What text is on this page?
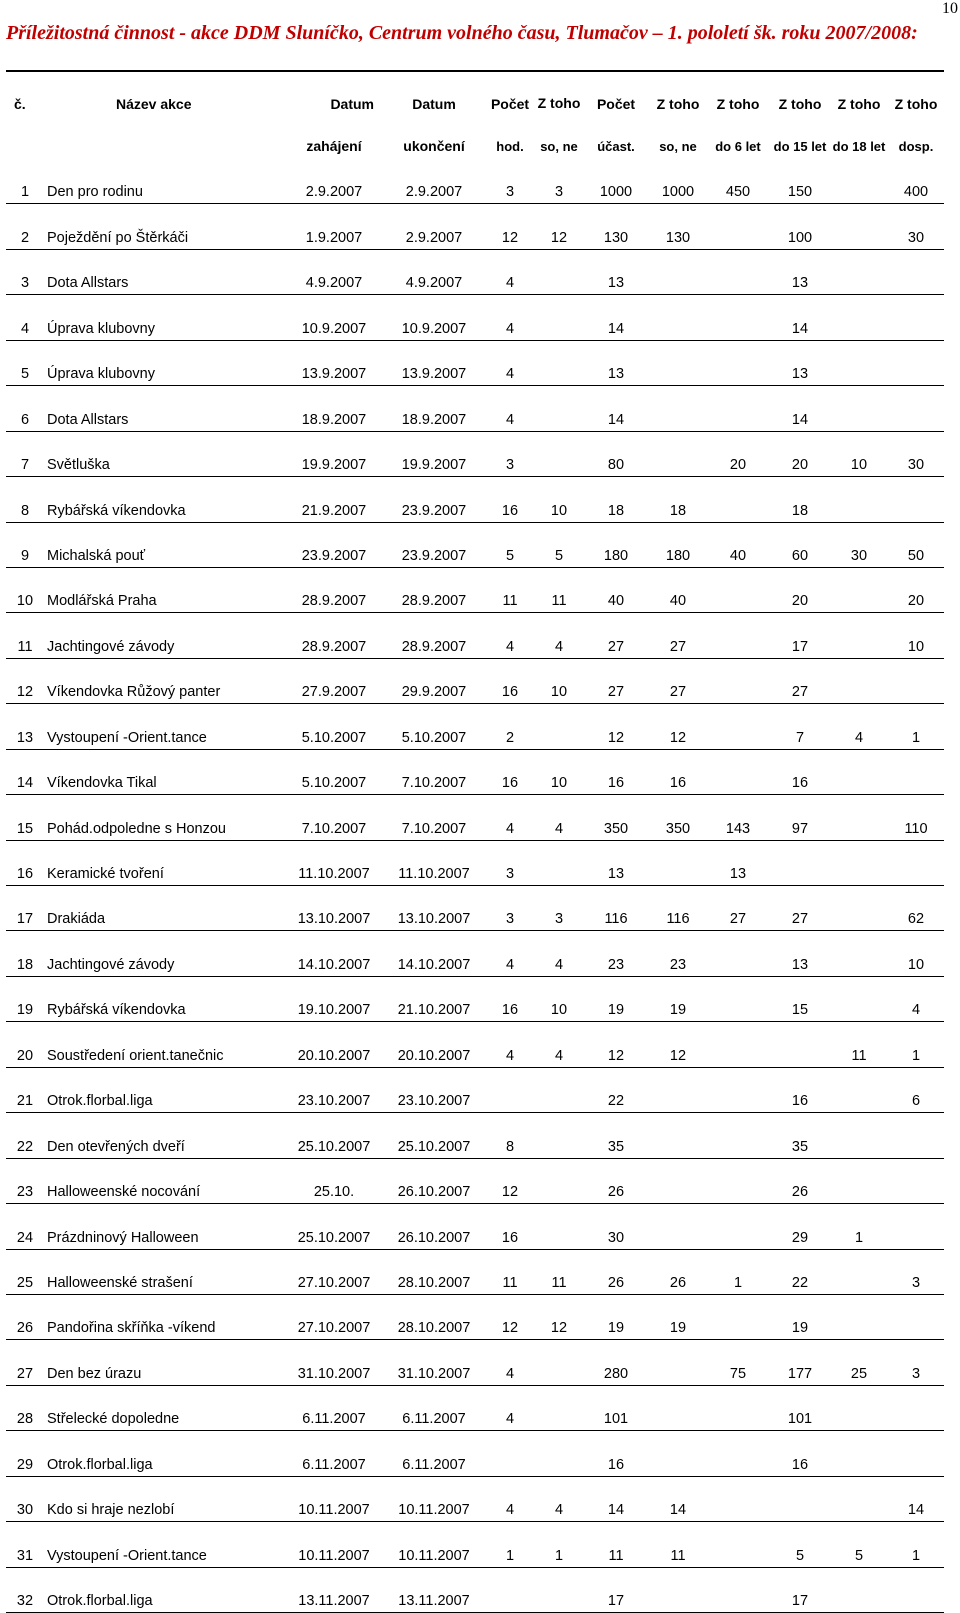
10
Příležitostná činnost - akce DDM Sluníčko, Centrum volného času, Tlumačov – 1. pololetí šk. roku 2007/2008:
č.	Název akce	Datum	Datum	Počet	Z toho	Počet	Z toho	Z toho	Z toho	Z toho	Z toho
		zahájení	ukončení	hod.	so, ne	účast.	so, ne	do 6 let	do 15 let	do 18 let	dosp.
1	Den pro rodinu	2.9.2007	2.9.2007	3	3	1000	1000	450	150		400
2	Poježdění po Štěrkáči	1.9.2007	2.9.2007	12	12	130	130		100		30
3	Dota Allstars	4.9.2007	4.9.2007	4		13			13		
4	Úprava klubovny	10.9.2007	10.9.2007	4		14			14		
5	Úprava klubovny	13.9.2007	13.9.2007	4		13			13		
6	Dota Allstars	18.9.2007	18.9.2007	4		14			14		
7	Světluška	19.9.2007	19.9.2007	3		80		20	20	10	30
8	Rybářská víkendovka	21.9.2007	23.9.2007	16	10	18	18		18		
9	Michalská pouť	23.9.2007	23.9.2007	5	5	180	180	40	60	30	50
10	Modlářská Praha	28.9.2007	28.9.2007	11	11	40	40		20		20
11	Jachtingové závody	28.9.2007	28.9.2007	4	4	27	27		17		10
12	Víkendovka Růžový panter	27.9.2007	29.9.2007	16	10	27	27		27		
13	Vystoupení -Orient.tance	5.10.2007	5.10.2007	2		12	12		7	4	1
14	Víkendovka Tikal	5.10.2007	7.10.2007	16	10	16	16		16		
15	Pohád.odpoledne s Honzou	7.10.2007	7.10.2007	4	4	350	350	143	97		110
16	Keramické tvoření	11.10.2007	11.10.2007	3		13		13			
17	Drakiáda	13.10.2007	13.10.2007	3	3	116	116	27	27		62
18	Jachtingové závody	14.10.2007	14.10.2007	4	4	23	23		13		10
19	Rybářská víkendovka	19.10.2007	21.10.2007	16	10	19	19		15		4
20	Soustředení orient.tanečnic	20.10.2007	20.10.2007	4	4	12	12			11	1
21	Otrok.florbal.liga	23.10.2007	23.10.2007			22			16		6
22	Den otevřených dveří	25.10.2007	25.10.2007	8		35			35		
23	Halloweenské nocování	25.10.	26.10.2007	12		26			26		
24	Prázdninový Halloween	25.10.2007	26.10.2007	16		30			29	1	
25	Halloweenské strašení	27.10.2007	28.10.2007	11	11	26	26	1	22		3
26	Pandořina skříňka -víkend	27.10.2007	28.10.2007	12	12	19	19		19		
27	Den bez úrazu	31.10.2007	31.10.2007	4		280		75	177	25	3
28	Střelecké dopoledne	6.11.2007	6.11.2007	4		101			101		
29	Otrok.florbal.liga	6.11.2007	6.11.2007			16			16		
30	Kdo si hraje nezlobí	10.11.2007	10.11.2007	4	4	14	14				14
31	Vystoupení -Orient.tance	10.11.2007	10.11.2007	1	1	11	11		5	5	1
32	Otrok.florbal.liga	13.11.2007	13.11.2007			17			17		
